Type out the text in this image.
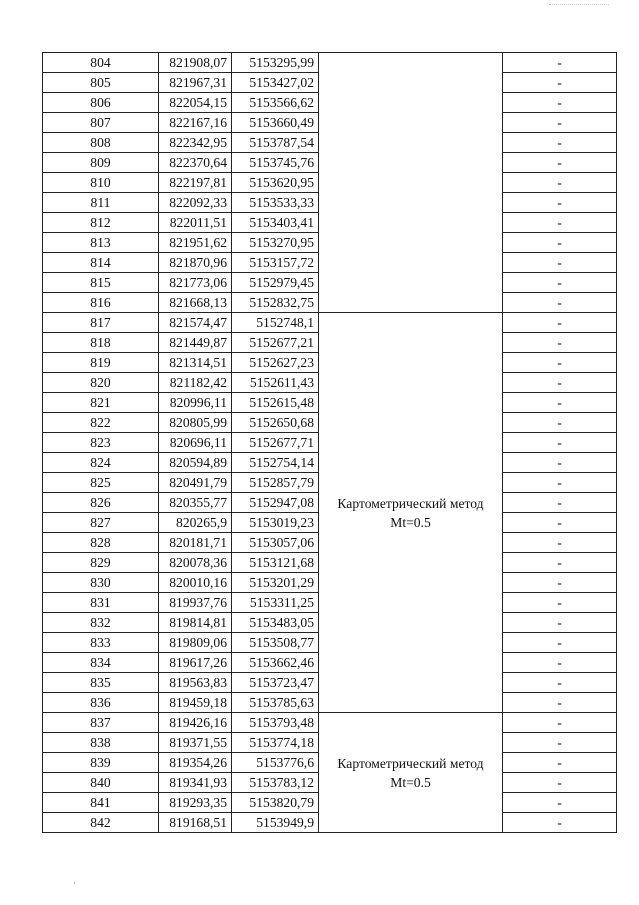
804	821908,07	5153295,99		-
805	821967,31	5153427,02		-
806	822054,15	5153566,62		-
807	822167,16	5153660,49		-
808	822342,95	5153787,54		-
809	822370,64	5153745,76		-
810	822197,81	5153620,95		-
811	822092,33	5153533,33		-
812	822011,51	5153403,41		-
813	821951,62	5153270,95		-
814	821870,96	5153157,72		-
815	821773,06	5152979,45		-
816	821668,13	5152832,75		-
817	821574,47	5152748,1	Картометрический метод
Mt=0.5	-
818	821449,87	5152677,21		-
819	821314,51	5152627,23		-
820	821182,42	5152611,43		-
821	820996,11	5152615,48		-
822	820805,99	5152650,68		-
823	820696,11	5152677,71		-
824	820594,89	5152754,14		-
825	820491,79	5152857,79		-
826	820355,77	5152947,08		-
827	820265,9	5153019,23		-
828	820181,71	5153057,06		-
829	820078,36	5153121,68		-
830	820010,16	5153201,29		-
831	819937,76	5153311,25		-
832	819814,81	5153483,05		-
833	819809,06	5153508,77		-
834	819617,26	5153662,46		-
835	819563,83	5153723,47		-
836	819459,18	5153785,63		-
837	819426,16	5153793,48	Картометрический метод
Mt=0.5	-
838	819371,55	5153774,18		-
839	819354,26	5153776,6		-
840	819341,93	5153783,12		-
841	819293,35	5153820,79		-
842	819168,51	5153949,9		-
·
